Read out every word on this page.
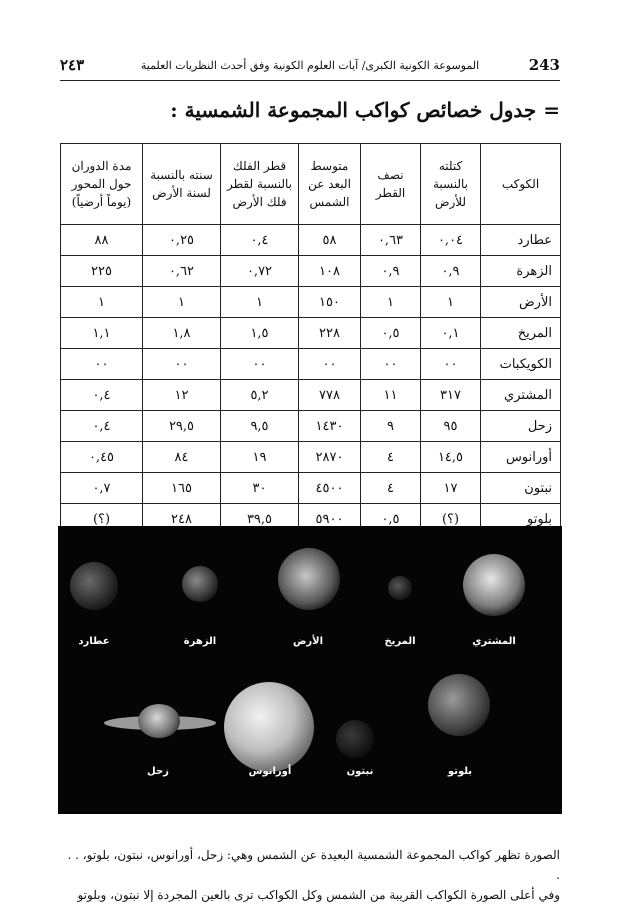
٢٤٣	الموسوعة الكونية الكبرى/ آيات العلوم الكونية وفق أحدث النظريات العلمية	243
= جدول خصائص كواكب المجموعة الشمسية :
الكوكب	كتلته بالنسبة للأرض	نصف القطر	متوسط البعد عن الشمس	قطر الفلك بالنسبة لقطر فلك الأرض	سنته بالنسبة لسنة الأرض	مدة الدوران حول المحور (يوماً أرضياً)
عطارد	٠,٠٤	٠,٦٣	٥٨	٠,٤	٠,٢٥	٨٨
الزهرة	٠,٩	٠,٩	١٠٨	٠,٧٢	٠,٦٢	٢٢٥
الأرض	١	١	١٥٠	١	١	١
المريخ	٠,١	٠,٥	٢٢٨	١,٥	١,٨	١,١
الكويكبات	٠٠	٠٠	٠٠	٠٠	٠٠	٠٠
المشتري	٣١٧	١١	٧٧٨	٥,٢	١٢	٠,٤
زحل	٩٥	٩	١٤٣٠	٩,٥	٢٩,٥	٠,٤
أورانوس	١٤,٥	٤	٢٨٧٠	١٩	٨٤	٠,٤٥
نبتون	١٧	٤	٤٥٠٠	٣٠	١٦٥	٠,٧
بلوتو	(؟)	٠,٥	٥٩٠٠	٣٩,٥	٢٤٨	(؟)
عطارد	الزهرة	الأرض	المريخ	المشتري
زحل	أورانوس	نبتون	بلوتو
الصورة تظهر كواكب المجموعة الشمسية البعيدة عن الشمس وهي: زحل، أورانوس، نبتون، بلوتو، . . .
وفي أعلى الصورة الكواكب القريبة من الشمس وكل الكواكب ترى بالعين المجردة إلا نبتون، وبلوتو
